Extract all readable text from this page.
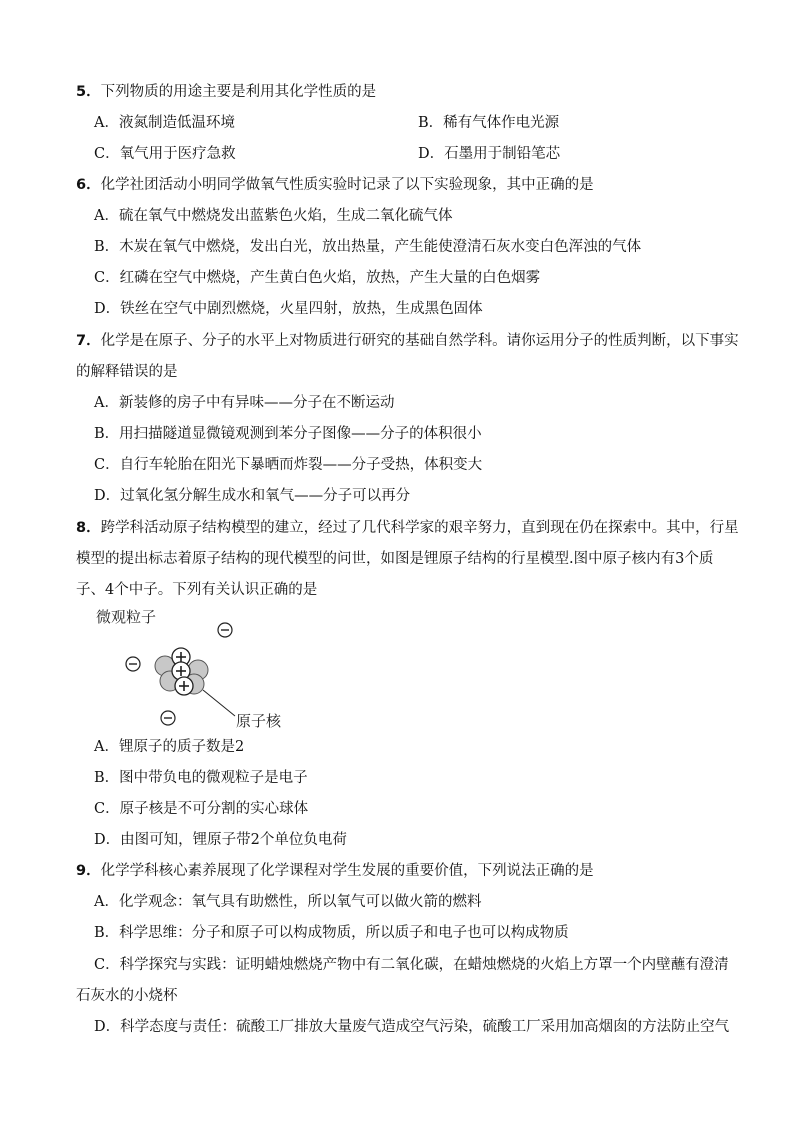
5．下列物质的用途主要是利用其化学性质的是
A．液氮制造低温环境	B．稀有气体作电光源
C．氧气用于医疗急救	D．石墨用于制铅笔芯
6．化学社团活动小明同学做氧气性质实验时记录了以下实验现象，其中正确的是
A．硫在氧气中燃烧发出蓝紫色火焰，生成二氧化硫气体
B．木炭在氧气中燃烧，发出白光，放出热量，产生能使澄清石灰水变白色浑浊的气体
C．红磷在空气中燃烧，产生黄白色火焰，放热，产生大量的白色烟雾
D．铁丝在空气中剧烈燃烧，火星四射，放热，生成黑色固体
7．化学是在原子、分子的水平上对物质进行研究的基础自然学科。请你运用分子的性质判断，以下事实
的解释错误的是
A．新装修的房子中有异味——分子在不断运动
B．用扫描隧道显微镜观测到苯分子图像——分子的体积很小
C．自行车轮胎在阳光下暴晒而炸裂——分子受热，体积变大
D．过氧化氢分解生成水和氧气——分子可以再分
8．跨学科活动原子结构模型的建立，经过了几代科学家的艰辛努力，直到现在仍在探索中。其中，行星
模型的提出标志着原子结构的现代模型的问世，如图是锂原子结构的行星模型.图中原子核内有3个质
子、4个中子。下列有关认识正确的是
微观粒子
原子核
A．锂原子的质子数是2
B．图中带负电的微观粒子是电子
C．原子核是不可分割的实心球体
D．由图可知，锂原子带2个单位负电荷
9．化学学科核心素养展现了化学课程对学生发展的重要价值，下列说法正确的是
A．化学观念：氧气具有助燃性，所以氧气可以做火箭的燃料
B．科学思维：分子和原子可以构成物质，所以质子和电子也可以构成物质
C．科学探究与实践：证明蜡烛燃烧产物中有二氧化碳，在蜡烛燃烧的火焰上方罩一个内壁蘸有澄清
石灰水的小烧杯
D．科学态度与责任：硫酸工厂排放大量废气造成空气污染，硫酸工厂采用加高烟囱的方法防止空气
